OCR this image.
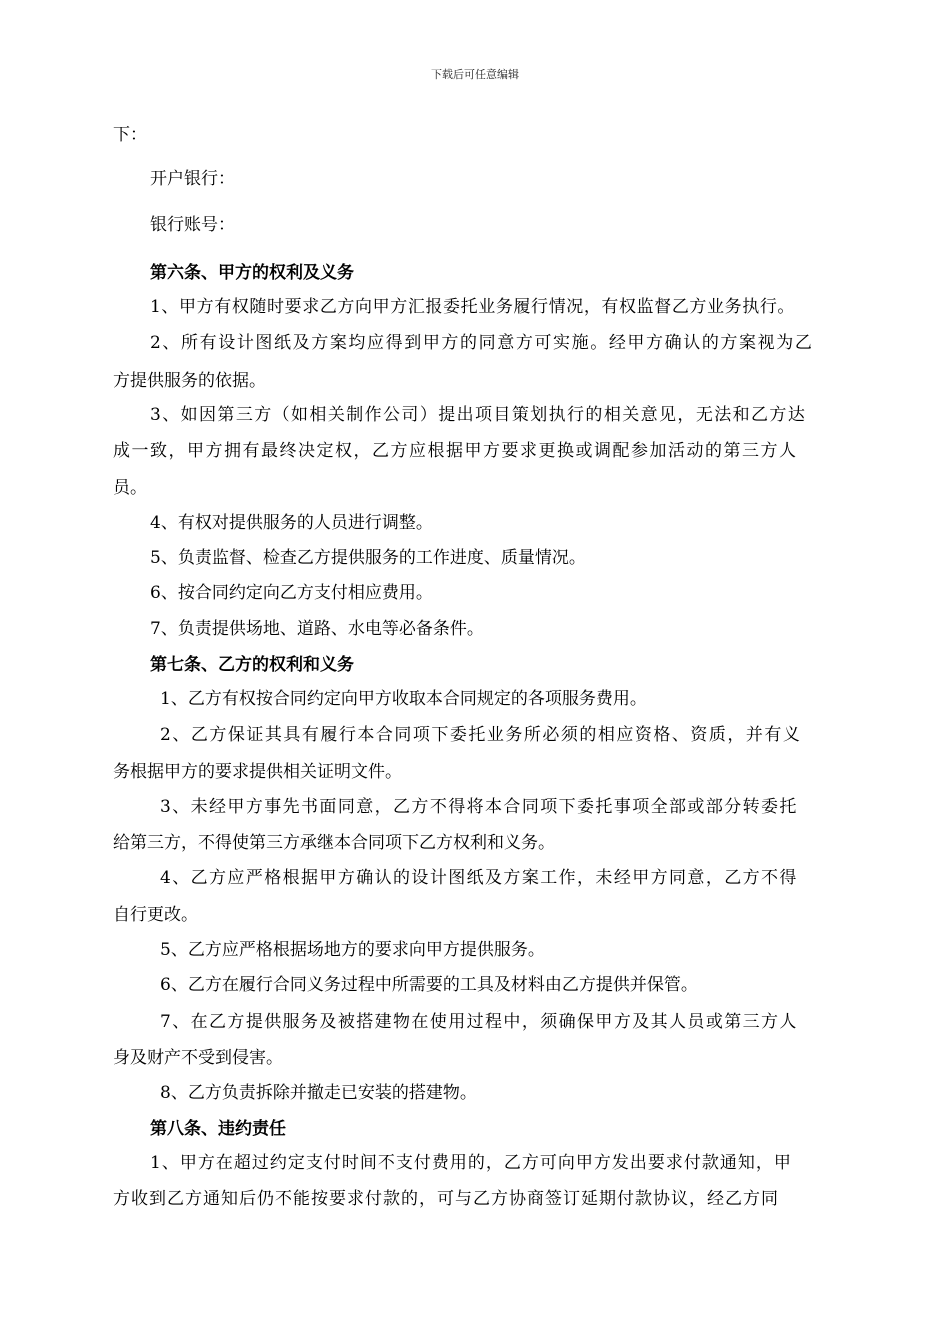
下载后可任意编辑
下：
开户银行：
银行账号：
第六条、甲方的权利及义务
1、甲方有权随时要求乙方向甲方汇报委托业务履行情况，有权监督乙方业务执行。
2、所有设计图纸及方案均应得到甲方的同意方可实施。经甲方确认的方案视为乙
方提供服务的依据。
3、如因第三方（如相关制作公司）提出项目策划执行的相关意见，无法和乙方达
成一致，甲方拥有最终决定权，乙方应根据甲方要求更换或调配参加活动的第三方人
员。
4、有权对提供服务的人员进行调整。
5、负责监督、检查乙方提供服务的工作进度、质量情况。
6、按合同约定向乙方支付相应费用。
7、负责提供场地、道路、水电等必备条件。
第七条、乙方的权利和义务
1、乙方有权按合同约定向甲方收取本合同规定的各项服务费用。
2、乙方保证其具有履行本合同项下委托业务所必须的相应资格、资质，并有义
务根据甲方的要求提供相关证明文件。
3、未经甲方事先书面同意，乙方不得将本合同项下委托事项全部或部分转委托
给第三方，不得使第三方承继本合同项下乙方权利和义务。
4、乙方应严格根据甲方确认的设计图纸及方案工作，未经甲方同意，乙方不得
自行更改。
5、乙方应严格根据场地方的要求向甲方提供服务。
6、乙方在履行合同义务过程中所需要的工具及材料由乙方提供并保管。
7、在乙方提供服务及被搭建物在使用过程中，须确保甲方及其人员或第三方人
身及财产不受到侵害。
8、乙方负责拆除并撤走已安装的搭建物。
第八条、违约责任
1、甲方在超过约定支付时间不支付费用的，乙方可向甲方发出要求付款通知，甲
方收到乙方通知后仍不能按要求付款的，可与乙方协商签订延期付款协议，经乙方同
